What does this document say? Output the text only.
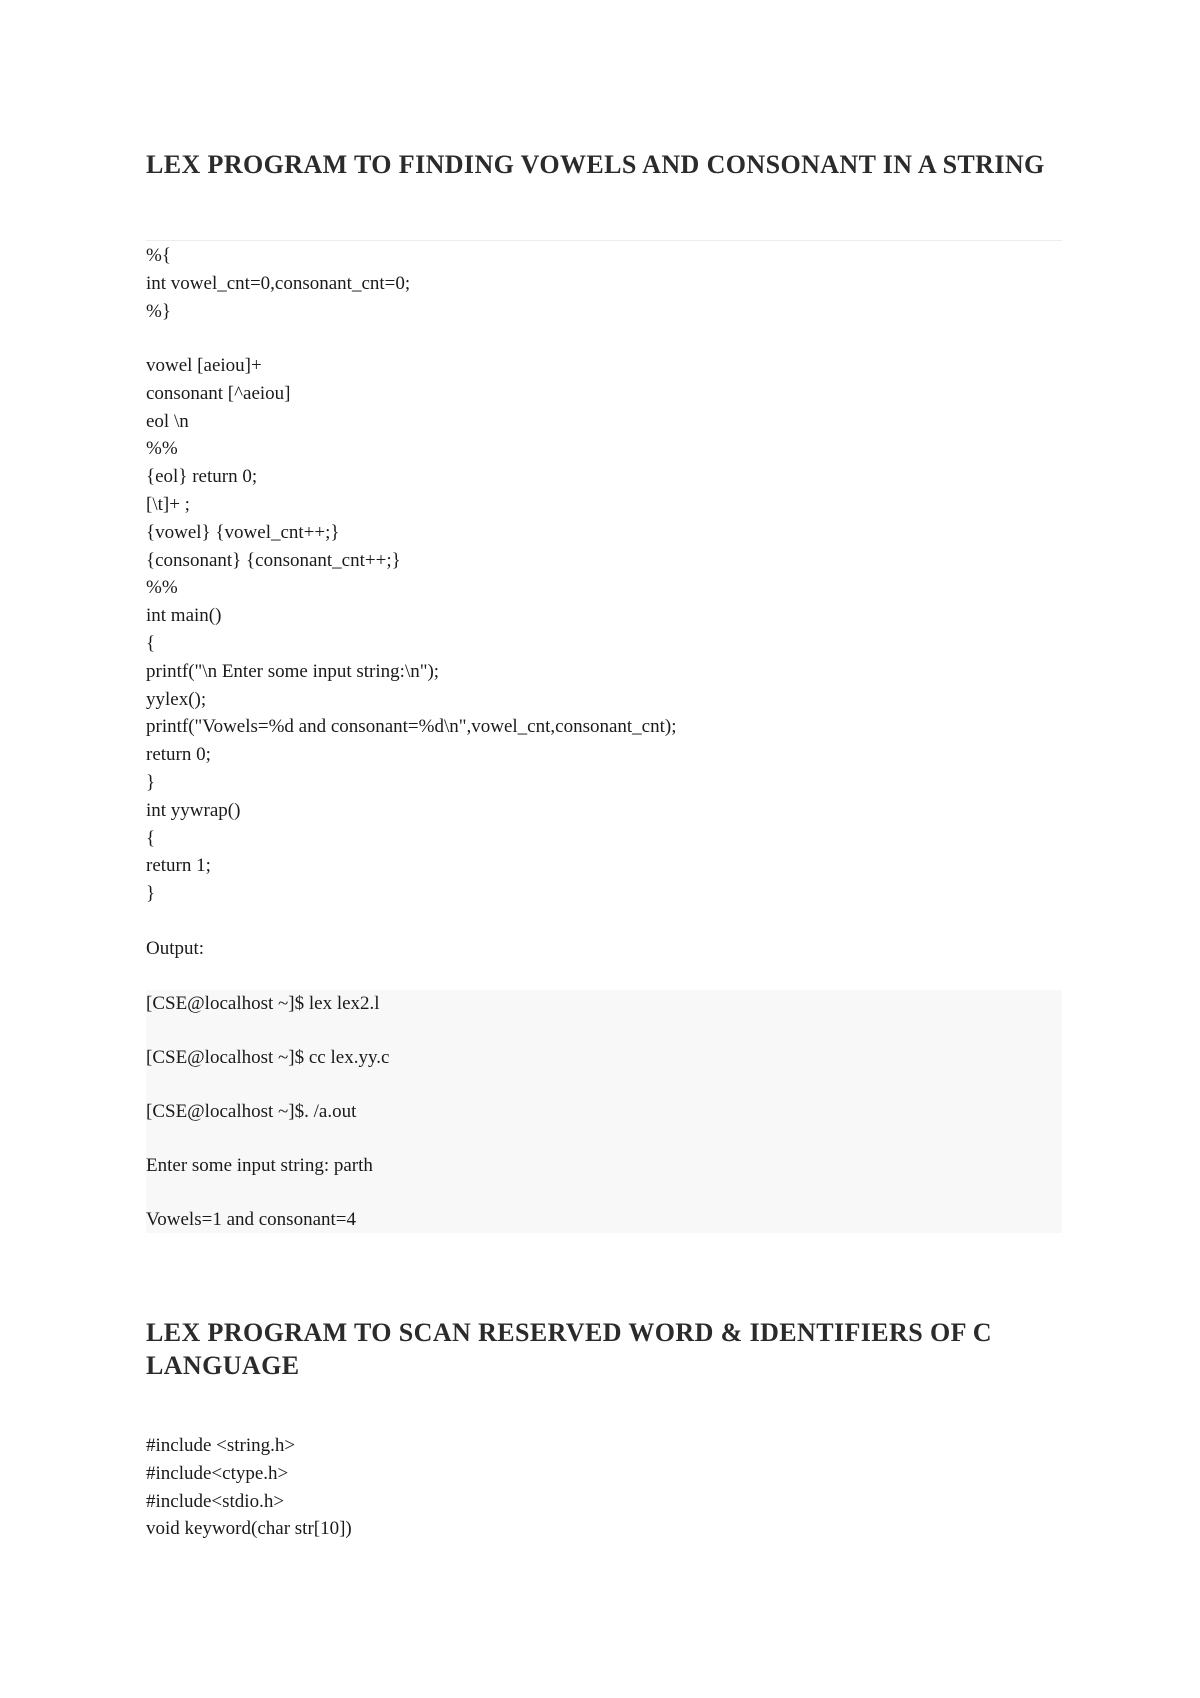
LEX PROGRAM TO FINDING VOWELS AND CONSONANT IN A STRING
%{
int vowel_cnt=0,consonant_cnt=0;
%}
vowel [aeiou]+
consonant [^aeiou]
eol \n
%%
{eol} return 0;
[\t]+ ;
{vowel} {vowel_cnt++;}
{consonant} {consonant_cnt++;}
%%
int main()
{
printf("\n Enter some input string:\n");
yylex();
printf("Vowels=%d and consonant=%d\n",vowel_cnt,consonant_cnt);
return 0;
}
int yywrap()
{
return 1;
}
Output:
[CSE@localhost ~]$ lex lex2.l
[CSE@localhost ~]$ cc lex.yy.c
[CSE@localhost ~]$. /a.out
Enter some input string: parth
Vowels=1 and consonant=4
LEX PROGRAM TO SCAN RESERVED WORD & IDENTIFIERS OF C LANGUAGE
#include <string.h>
#include<ctype.h>
#include<stdio.h>
void keyword(char str[10])
